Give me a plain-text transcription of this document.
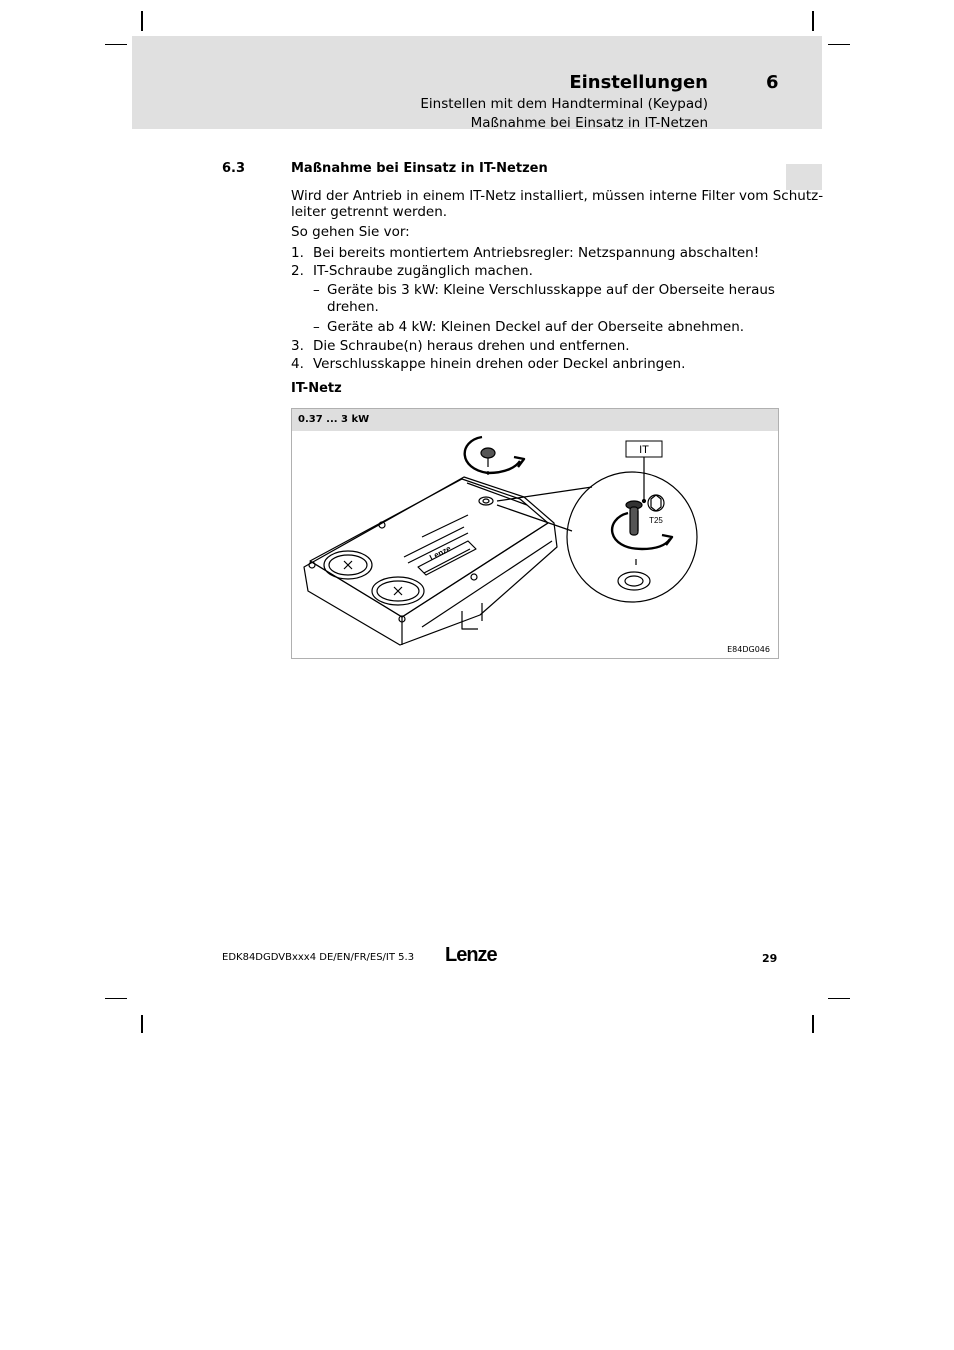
Einstellungen	6
Einstellen mit dem Handterminal (Keypad)
Maßnahme bei Einsatz in IT-Netzen
6.3	Maßnahme bei Einsatz in IT-Netzen
Wird der Antrieb in einem IT-Netz installiert, müssen interne Filter vom Schutz-
leiter getrennt werden.
So gehen Sie vor:
1. Bei bereits montiertem Antriebsregler: Netzspannung abschalten!
2. IT-Schraube zugänglich machen.
– Geräte bis 3 kW: Kleine Verschlusskappe auf der Oberseite heraus
drehen.
– Geräte ab 4 kW: Kleinen Deckel auf der Oberseite abnehmen.
3. Die Schraube(n) heraus drehen und entfernen.
4. Verschlusskappe hinein drehen oder Deckel anbringen.
IT-Netz
0.37 ... 3 kW
IT
T25
Lenze
E84DG046
EDK84DGDVBxxx4 DE/EN/FR/ES/IT 5.3 Lenze	29
